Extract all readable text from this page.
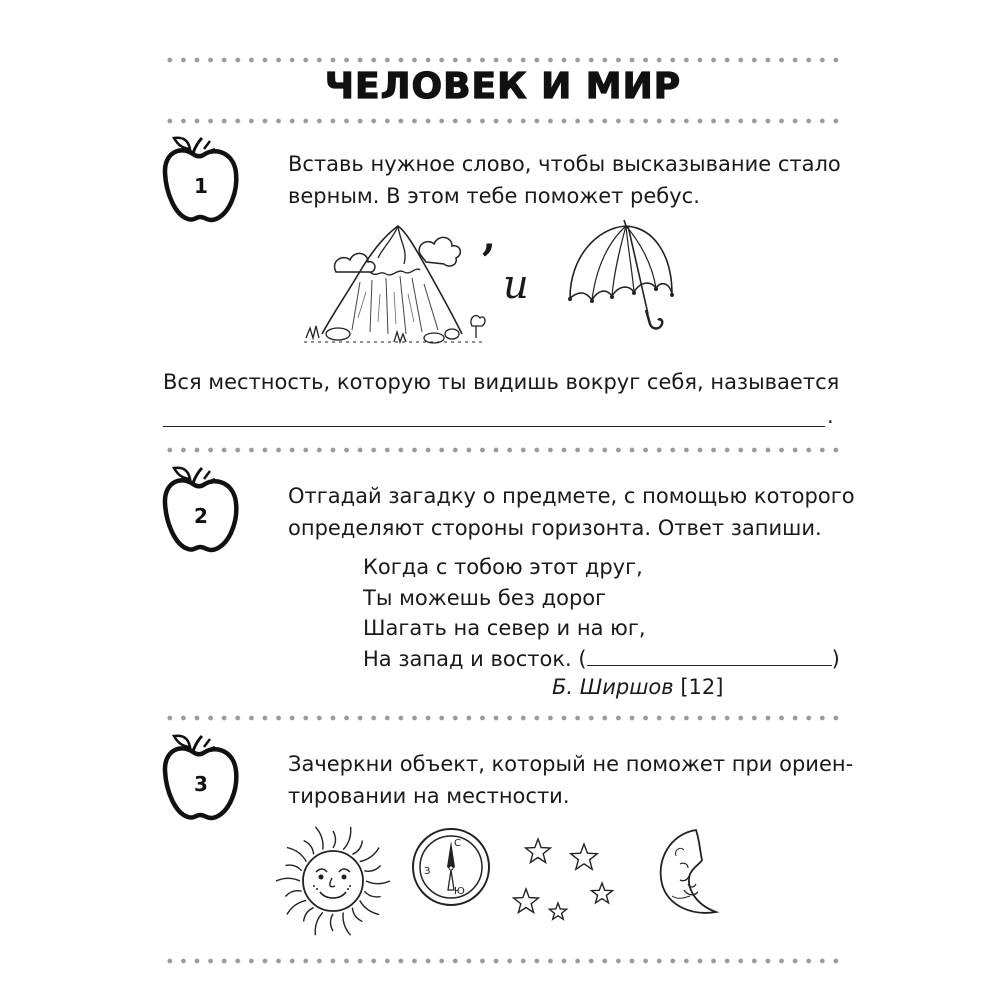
ЧЕЛОВЕК И МИР
1

Вставь нужное слово, чтобы высказывание стало

верным. В этом тебе поможет ребус.

,
и

Вся местность, которую ты видишь вокруг себя, называется

.
2

Отгадай загадку о предмете, с помощью которого

определяют стороны горизонта. Ответ запиши.

Когда с тобою этот друг,

Ты можешь без дорог

Шагать на север и на юг,

На запад и восток. (	)

Б. Ширшов [12]
3

Зачеркни объект, который не поможет при ориен-

тировании на местности.

С
З
Ю
